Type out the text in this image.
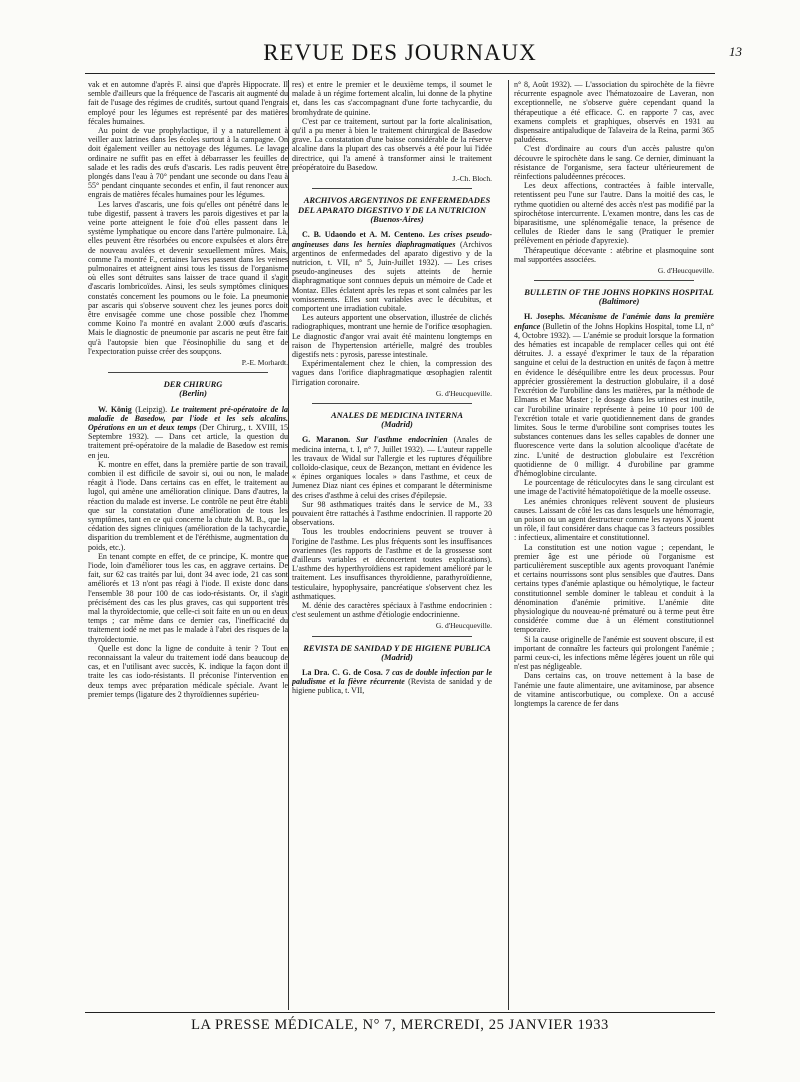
REVUE DES JOURNAUX	13

vak et en automne d'après F. ainsi que d'après Hippocrate. Il semble d'ailleurs que la fréquence de l'ascaris ait augmenté du fait de l'usage des régimes de crudités, surtout quand l'engrais employé pour les légumes est représenté par des matières fécales humaines.

Au point de vue prophylactique, il y a naturellement à veiller aux latrines dans les écoles surtout à la campagne. On doit également veiller au nettoyage des légumes. Le lavage ordinaire ne suffit pas en effet à débarrasser les feuilles de salade et les radis des œufs d'ascaris. Les radis peuvent être plongés dans l'eau à 70° pendant une seconde ou dans l'eau à 55° pendant cinquante secondes et enfin, il faut renoncer aux engrais de matières fécales humaines pour les légumes.

Les larves d'ascaris, une fois qu'elles ont pénétré dans le tube digestif, passent à travers les parois digestives et par la veine porte atteignent le foie d'où elles passent dans le système lymphatique ou encore dans l'artère pulmonaire. Là, elles peuvent être résorbées ou encore expulsées et alors être de nouveau avalées et devenir sexuellement mûres. Mais, comme l'a montré F., certaines larves passent dans les veines pulmonaires et atteignent ainsi tous les tissus de l'organisme où elles sont détruites sans laisser de trace quand il s'agit d'ascaris lombricoïdes. Ainsi, les seuls symptômes cliniques constatés concernent les poumons ou le foie. La pneumonie par ascaris qui s'observe souvent chez les jeunes porcs doit être envisagée comme une chose possible chez l'homme comme Koino l'a montré en avalant 2.000 œufs d'ascaris. Mais le diagnostic de pneumonie par ascaris ne peut être fait qu'à l'autopsie bien que l'éosinophilie du sang et de l'expectoration puisse créer des soupçons.

P.-E. Morhardt.

DER CHIRURG

(Berlin)

W. König (Leipzig). Le traitement pré-opératoire de la maladie de Basedow, par l'iode et les sels alcalins. Opérations en un et deux temps (Der Chirurg., t. XVIII, 15 Septembre 1932). — Dans cet article, la question du traitement pré-opératoire de la maladie de Basedow est remis en jeu.

K. montre en effet, dans la première partie de son travail, combien il est difficile de savoir si, oui ou non, le malade réagit à l'iode. Dans certains cas en effet, le traitement au lugol, qui amène une amélioration clinique. Dans d'autres, la réaction du malade est inverse. Le contrôle ne peut être établi que sur la constatation d'une amélioration de tous les symptômes, tant en ce qui concerne la chute du M. B., que la cédation des signes cliniques (amélioration de la tachycardie, disparition du tremblement et de l'éréthisme, augmentation du poids, etc.).

En tenant compte en effet, de ce principe, K. montre que l'iode, loin d'améliorer tous les cas, en aggrave certains. De fait, sur 62 cas traités par lui, dont 34 avec iode, 21 cas sont améliorés et 13 n'ont pas réagi à l'iode. Il existe donc dans l'ensemble 38 pour 100 de cas iodo-résistants. Or, il s'agit précisément des cas les plus graves, cas qui supportent très mal la thyroïdectomie, que celle-ci soit faite en un ou en deux temps ; car même dans ce dernier cas, l'inefficacité du traitement iodé ne met pas le malade à l'abri des risques de la thyroïdectomie.

Quelle est donc la ligne de conduite à tenir ? Tout en reconnaissant la valeur du traitement iodé dans beaucoup de cas, et en l'utilisant avec succès, K. indique la façon dont il traite les cas iodo-résistants. Il préconise l'intervention en deux temps avec préparation médicale spéciale. Avant le premier temps (ligature des 2 thyroïdiennes supérieu-

res) et entre le premier et le deuxième temps, il soumet le malade à un régime fortement alcalin, lui donne de la phytine et, dans les cas s'accompagnant d'une forte tachycardie, du bromhydrate de quinine.

C'est par ce traitement, surtout par la forte alcalinisation, qu'il a pu mener à bien le traitement chirurgical de Basedow grave. La constatation d'une baisse considérable de la réserve alcaline dans la plupart des cas observés a été pour lui l'idée directrice, qui l'a amené à transformer ainsi le traitement préopératoire du Basedow.

J.-Ch. Bloch.

ARCHIVOS ARGENTINOS DE ENFERMEDADES DEL APARATO DIGESTIVO Y DE LA NUTRICION

(Buenos-Aires)

C. B. Udaondo et A. M. Centeno. Les crises pseudo-angineuses dans les hernies diaphragmatiques (Archivos argentinos de enfermedades del aparato digestivo y de la nutricion, t. VII, n° 5, Juin-Juillet 1932). — Les crises pseudo-angineuses des sujets atteints de hernie diaphragmatique sont connues depuis un mémoire de Cade et Montaz. Elles éclatent après les repas et sont calmées par les vomissements. Elles sont variables avec le décubitus, et comportent une irradiation cubitale.

Les auteurs apportent une observation, illustrée de clichés radiographiques, montrant une hernie de l'orifice œsophagien. Le diagnostic d'angor vrai avait été maintenu longtemps en raison de l'hypertension artérielle, malgré des troubles digestifs nets : pyrosis, paresse intestinale.

Expérimentalement chez le chien, la compression des vagues dans l'orifice diaphragmatique œsophagien ralentit l'irrigation coronaire.

G. d'Heucqueville.

ANALES DE MEDICINA INTERNA

(Madrid)

G. Maranon. Sur l'asthme endocrinien (Anales de medicina interna, t. I, n° 7, Juillet 1932). — L'auteur rappelle les travaux de Widal sur l'allergie et les ruptures d'équilibre colloïdo-clasique, ceux de Bezançon, mettant en évidence les « épines organiques locales » dans l'asthme, et ceux de Jumenez Diaz niant ces épines et comparant le déterminisme des crises d'asthme à celui des crises d'épilepsie.

Sur 98 asthmatiques traités dans le service de M., 33 pouvaient être rattachés à l'asthme endocrinien. Il rapporte 20 observations.

Tous les troubles endocriniens peuvent se trouver à l'origine de l'asthme. Les plus fréquents sont les insuffisances ovariennes (les rapports de l'asthme et de la grossesse sont d'ailleurs variables et déconcertent toutes explications). L'asthme des hyperthyroïdiens est rapidement amélioré par le traitement. Les insuffisances thyroïdienne, parathyroïdienne, testiculaire, hypophysaire, pancréatique s'observent chez les asthmatiques.

M. dénie des caractères spéciaux à l'asthme endocrinien : c'est seulement un asthme d'étiologie endocrinienne.

G. d'Heucqueville.

REVISTA DE SANIDAD Y DE HIGIENE PUBLICA

(Madrid)

La Dra. C. G. de Cosa. 7 cas de double infection par le paludisme et la fièvre récurrente (Revista de sanidad y de higiene publica, t. VII,

n° 8, Août 1932). — L'association du spirochète de la fièvre récurrente espagnole avec l'hématozoaire de Laveran, non exceptionnelle, ne s'observe guère cependant quand la thérapeutique a été efficace. C. en rapporte 7 cas, avec examens complets et graphiques, observés en 1931 au dispensaire antipaludique de Talaveira de la Reina, parmi 365 paludéens.

C'est d'ordinaire au cours d'un accès palustre qu'on découvre le spirochète dans le sang. Ce dernier, diminuant la résistance de l'organisme, sera facteur ultérieurement de réinfections paludéennes précoces.

Les deux affections, contractées à faible intervalle, retentissent peu l'une sur l'autre. Dans la moitié des cas, le rythme quotidien ou alterné des accès n'est pas modifié par la spirochétose intercurrente. L'examen montre, dans les cas de biparasitisme, une splénomégalie tenace, la présence de cellules de Rieder dans le sang (Pratiquer le premier prélèvement en période d'apyrexie).

Thérapeutique décevante : atébrine et plasmoquine sont mal supportées associées.

G. d'Heucqueville.

BULLETIN OF THE JOHNS HOPKINS HOSPITAL

(Baltimore)

H. Josephs. Mécanisme de l'anémie dans la première enfance (Bulletin of the Johns Hopkins Hospital, tome LI, n° 4, Octobre 1932). — L'anémie se produit lorsque la formation des hématies est incapable de remplacer celles qui ont été détruites. J. a essayé d'exprimer le taux de la réparation sanguine et celui de la destruction en unités de façon à mettre en évidence le déséquilibre entre les deux processus. Pour apprécier grossièrement la destruction globulaire, il a dosé l'excrétion de l'urobiline dans les matières, par la méthode de Elmans et Mac Master ; le dosage dans les urines est inutile, car l'urobiline urinaire représente à peine 10 pour 100 de l'excrétion totale et varie quotidiennement dans de grandes limites. Sous le terme d'urobiline sont comprises toutes les substances contenues dans les selles capables de donner une fluorescence verte dans la solution alcoolique d'acétate de zinc. L'unité de destruction globulaire est l'excrétion quotidienne de 0 milligr. 4 d'urobiline par gramme d'hémoglobine circulante.

Le pourcentage de réticulocytes dans le sang circulant est une image de l'activité hématopoïétique de la moelle osseuse.

Les anémies chroniques relèvent souvent de plusieurs causes. Laissant de côté les cas dans lesquels une hémorragie, un poison ou un agent destructeur comme les rayons X jouent un rôle, il faut considérer dans chaque cas 3 facteurs possibles : infectieux, alimentaire et constitutionnel.

La constitution est une notion vague ; cependant, le premier âge est une période où l'organisme est particulièrement susceptible aux agents provoquant l'anémie et certains nourrissons sont plus sensibles que d'autres. Dans certains types d'anémie aplastique ou hémolytique, le facteur constitutionnel semble dominer le tableau et conduit à la dénomination d'anémie primitive. L'anémie dite physiologique du nouveau-né prématuré ou à terme peut être considérée comme due à un élément constitutionnel temporaire.

Si la cause originelle de l'anémie est souvent obscure, il est important de connaître les facteurs qui prolongent l'anémie ; parmi ceux-ci, les infections même légères jouent un rôle qui n'est pas négligeable.

Dans certains cas, on trouve nettement à la base de l'anémie une faute alimentaire, une avitaminose, par absence de vitamine antiscorbutique, ou complexe. On a accusé longtemps la carence de fer dans

LA PRESSE MÉDICALE, N° 7, MERCREDI, 25 JANVIER 1933
